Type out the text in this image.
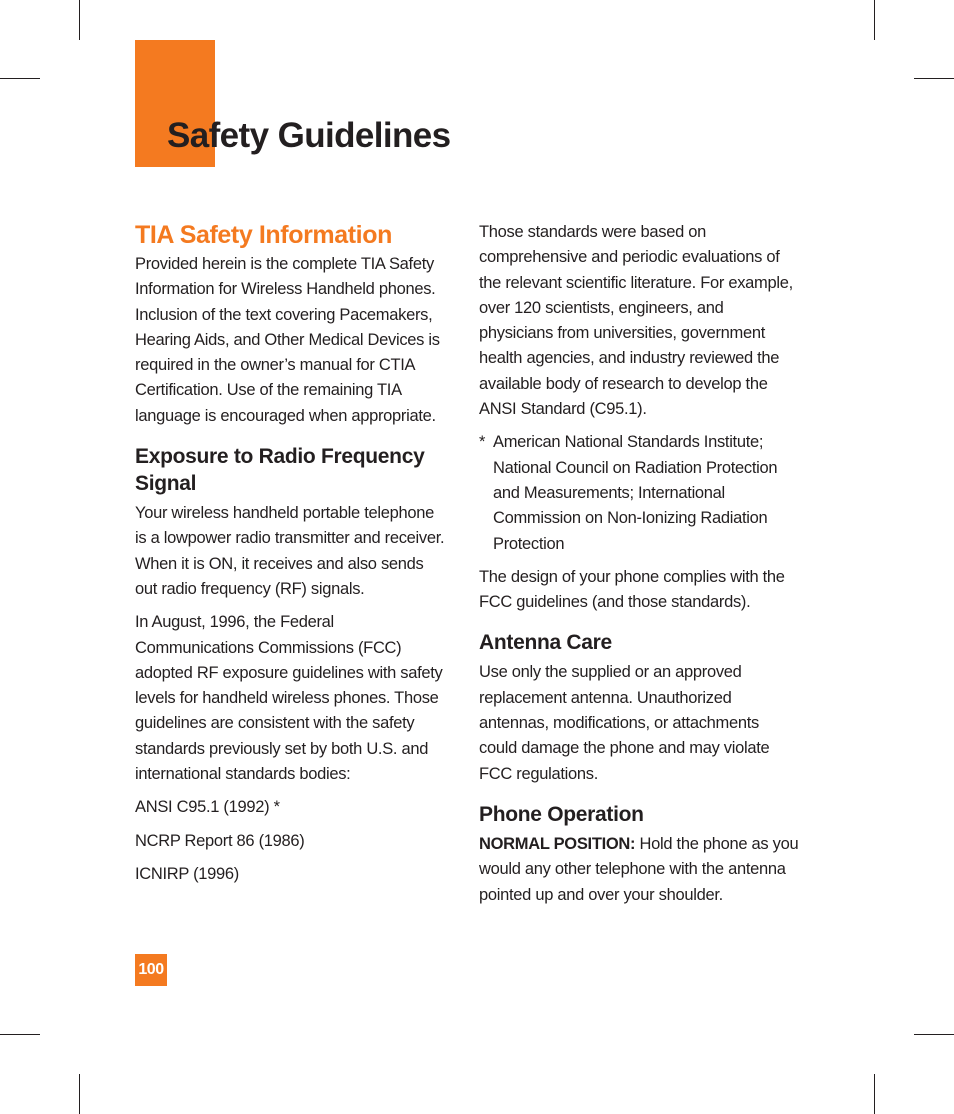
Safety Guidelines
TIA Safety Information

Provided herein is the complete TIA Safety Information for Wireless Handheld phones. Inclusion of the text covering Pacemakers, Hearing Aids, and Other Medical Devices is required in the owner’s manual for CTIA Certification. Use of the remaining TIA language is encouraged when appropriate.

Exposure to Radio Frequency Signal

Your wireless handheld portable telephone is a lowpower radio transmitter and receiver. When it is ON, it receives and also sends out radio frequency (RF) signals.

In August, 1996, the Federal Communications Commissions (FCC) adopted RF exposure guidelines with safety levels for handheld wireless phones. Those guidelines are consistent with the safety standards previously set by both U.S. and international standards bodies:

ANSI C95.1 (1992) *

NCRP Report 86 (1986)

ICNIRP (1996)

Those standards were based on comprehensive and periodic evaluations of the relevant scientific literature. For example, over 120 scientists, engineers, and physicians from universities, government health agencies, and industry reviewed the available body of research to develop the ANSI Standard (C95.1).

* American National Standards Institute; National Council on Radiation Protection and Measurements; International Commission on Non-Ionizing Radiation Protection

The design of your phone complies with the FCC guidelines (and those standards).

Antenna Care

Use only the supplied or an approved replacement antenna. Unauthorized antennas, modifications, or attachments could damage the phone and may violate FCC regulations.

Phone Operation

NORMAL POSITION: Hold the phone as you would any other telephone with the antenna pointed up and over your shoulder.

100
